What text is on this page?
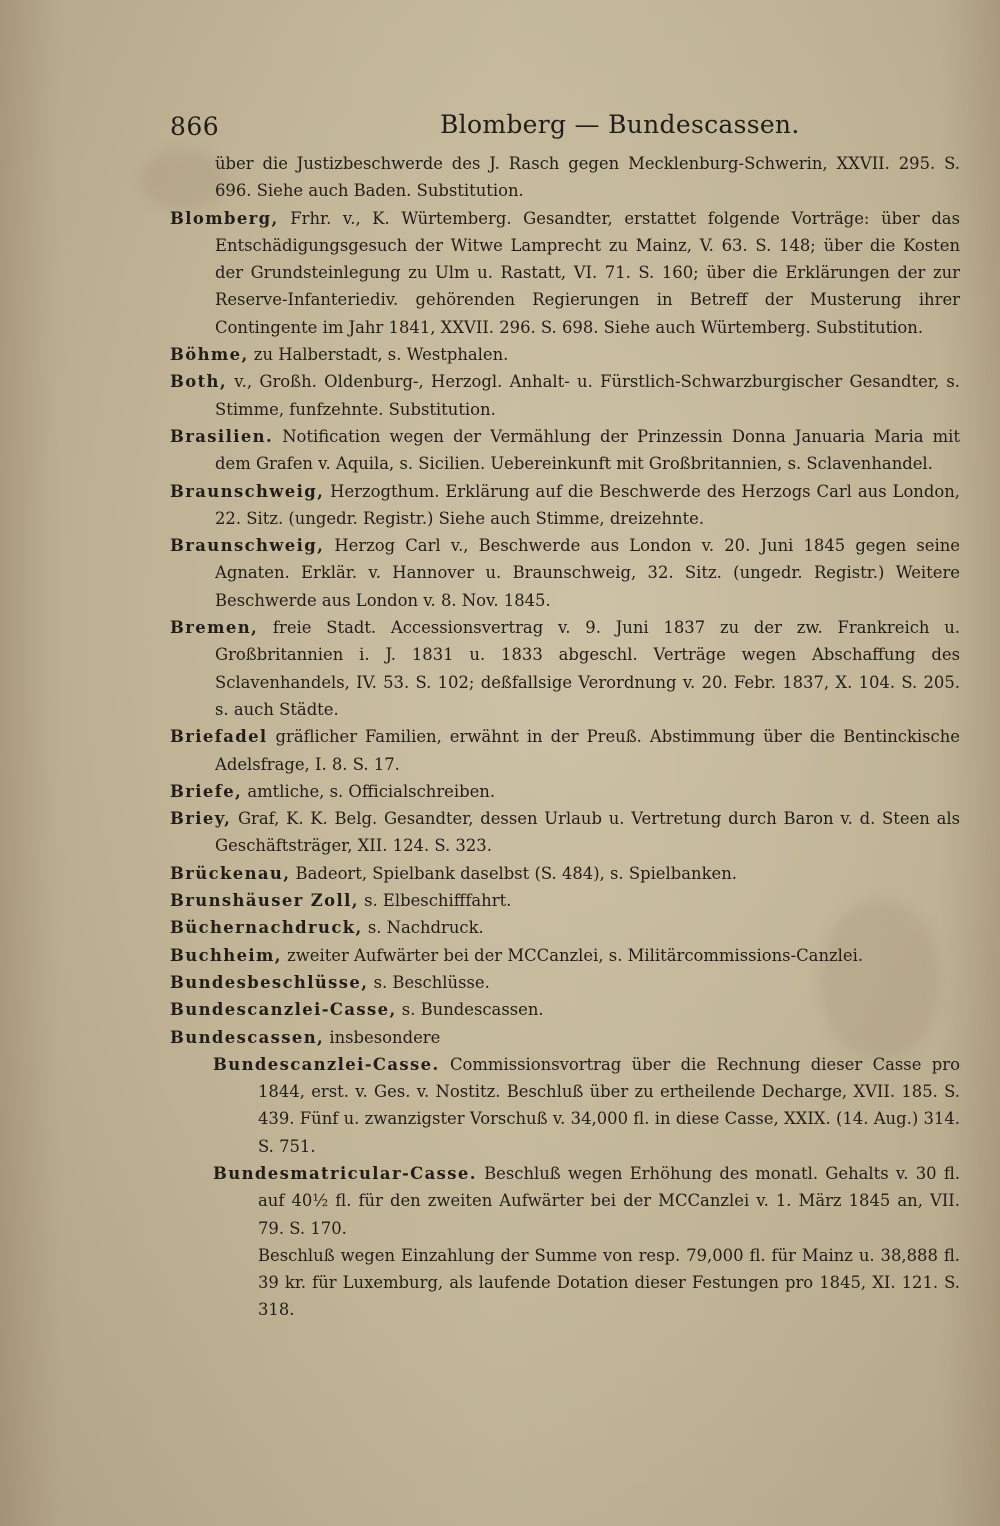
866	Blomberg — Bundescassen.

über die Justizbeschwerde des J. Rasch gegen Mecklenburg-Schwerin, XXVII. 295. S. 696. Siehe auch Baden. Substitution.

Blomberg, Frhr. v., K. Würtemberg. Gesandter, erstattet folgende Vorträge: über das Entschädigungsgesuch der Witwe Lamprecht zu Mainz, V. 63. S. 148; über die Kosten der Grundsteinlegung zu Ulm u. Rastatt, VI. 71. S. 160; über die Erklärungen der zur Reserve-Infanteriediv. gehörenden Regierungen in Betreff der Musterung ihrer Contingente im Jahr 1841, XXVII. 296. S. 698. Siehe auch Würtemberg. Substitution.

Böhme, zu Halberstadt, s. Westphalen.

Both, v., Großh. Oldenburg-, Herzogl. Anhalt- u. Fürstlich-Schwarzburgischer Gesandter, s. Stimme, funfzehnte. Substitution.

Brasilien. Notification wegen der Vermählung der Prinzessin Donna Januaria Maria mit dem Grafen v. Aquila, s. Sicilien. Uebereinkunft mit Großbritannien, s. Sclavenhandel.

Braunschweig, Herzogthum. Erklärung auf die Beschwerde des Herzogs Carl aus London, 22. Sitz. (ungedr. Registr.) Siehe auch Stimme, dreizehnte.

Braunschweig, Herzog Carl v., Beschwerde aus London v. 20. Juni 1845 gegen seine Agnaten. Erklär. v. Hannover u. Braunschweig, 32. Sitz. (ungedr. Registr.) Weitere Beschwerde aus London v. 8. Nov. 1845.

Bremen, freie Stadt. Accessionsvertrag v. 9. Juni 1837 zu der zw. Frankreich u. Großbritannien i. J. 1831 u. 1833 abgeschl. Verträge wegen Abschaffung des Sclavenhandels, IV. 53. S. 102; deßfallsige Verordnung v. 20. Febr. 1837, X. 104. S. 205. s. auch Städte.

Briefadel gräflicher Familien, erwähnt in der Preuß. Abstimmung über die Bentinckische Adelsfrage, I. 8. S. 17.

Briefe, amtliche, s. Officialschreiben.

Briey, Graf, K. K. Belg. Gesandter, dessen Urlaub u. Vertretung durch Baron v. d. Steen als Geschäftsträger, XII. 124. S. 323.

Brückenau, Badeort, Spielbank daselbst (S. 484), s. Spielbanken.

Brunshäuser Zoll, s. Elbeschifffahrt.

Büchernachdruck, s. Nachdruck.

Buchheim, zweiter Aufwärter bei der MCCanzlei, s. Militärcommissions-Canzlei.

Bundesbeschlüsse, s. Beschlüsse.

Bundescanzlei-Casse, s. Bundescassen.

Bundescassen, insbesondere

Bundescanzlei-Casse. Commissionsvortrag über die Rechnung dieser Casse pro 1844, erst. v. Ges. v. Nostitz. Beschluß über zu ertheilende Decharge, XVII. 185. S. 439. Fünf u. zwanzigster Vorschuß v. 34,000 fl. in diese Casse, XXIX. (14. Aug.) 314. S. 751.

Bundesmatricular-Casse. Beschluß wegen Erhöhung des monatl. Gehalts v. 30 fl. auf 40½ fl. für den zweiten Aufwärter bei der MCCanzlei v. 1. März 1845 an, VII. 79. S. 170.

Beschluß wegen Einzahlung der Summe von resp. 79,000 fl. für Mainz u. 38,888 fl. 39 kr. für Luxemburg, als laufende Dotation dieser Festungen pro 1845, XI. 121. S. 318.
